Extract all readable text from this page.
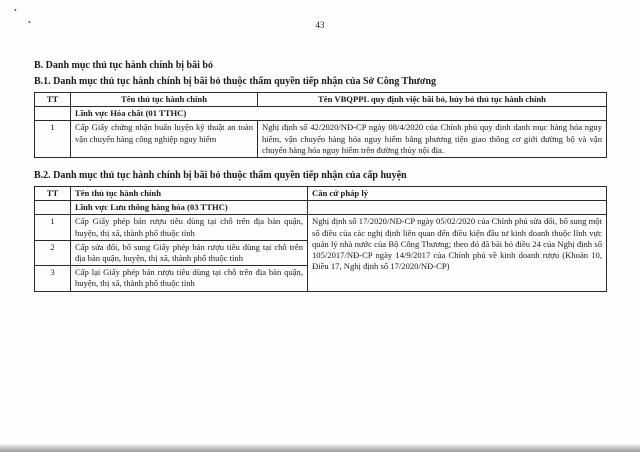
•
•	43
B. Danh mục thủ tục hành chính bị bãi bỏ
B.1. Danh mục thủ tục hành chính bị bãi bỏ thuộc thẩm quyền tiếp nhận của Sở Công Thương
TT	Tên thủ tục hành chính	Tên VBQPPL quy định việc bãi bỏ, hủy bỏ thủ tục hành chính
	Lĩnh vực Hóa chất (01 TTHC)	
1	Cấp Giấy chứng nhận huấn luyện kỹ thuật an toàn vận chuyển hàng công nghiệp nguy hiểm	Nghị định số 42/2020/NĐ-CP ngày 08/4/2020 của Chính phủ quy định danh mục hàng hóa nguy hiểm, vận chuyển hàng hóa nguy hiểm bằng phương tiện giao thông cơ giới đường bộ và vận chuyển hàng hóa nguy hiểm trên đường thủy nội địa.
B.2. Danh mục thủ tục hành chính bị bãi bỏ thuộc thẩm quyền tiếp nhận của cấp huyện
TT	Tên thủ tục hành chính	Căn cứ pháp lý
	Lĩnh vực Lưu thông hàng hóa (03 TTHC)	
1	Cấp Giấy phép bán rượu tiêu dùng tại chỗ trên địa bàn quận, huyện, thị xã, thành phố thuộc tỉnh	Nghị định số 17/2020/NĐ-CP ngày 05/02/2020 của Chính phủ sửa đổi, bổ sung một số điều của các nghị định liên quan đến điều kiện đầu tư kinh doanh thuộc lĩnh vực quản lý nhà nước của Bộ Công Thương; theo đó đã bãi bỏ điều 24 của Nghị định số 105/2017/NĐ-CP ngày 14/9/2017 của Chính phủ về kinh doanh rượu (Khoản 10, Điều 17, Nghị định số 17/2020/NĐ-CP)
2	Cấp sửa đổi, bổ sung Giấy phép bán rượu tiêu dùng tại chỗ trên địa bàn quận, huyện, thị xã, thành phố thuộc tỉnh	
3	Cấp lại Giấy phép bán rượu tiêu dùng tại chỗ trên địa bàn quận, huyện, thị xã, thành phố thuộc tỉnh	
